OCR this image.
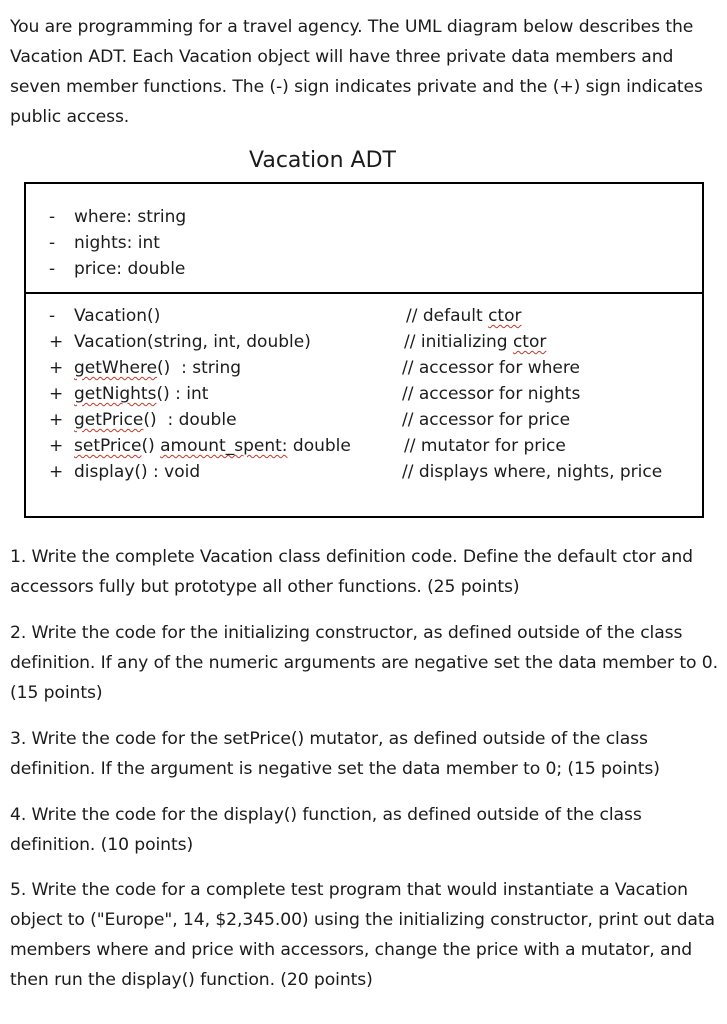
You are programming for a travel agency. The UML diagram below describes the Vacation ADT. Each Vacation object will have three private data members and seven member functions. The (-) sign indicates private and the (+) sign indicates public access.
Vacation ADT
-	where: string
-	nights: int
-	price: double
-	Vacation()	// default ctor
+ Vacation(string, int, double)	// initializing ctor
+ getWhere()  : string	// accessor for where
+ getNights() : int	// accessor for nights
+ getPrice()  : double	// accessor for price
+ setPrice() amount_spent: double	// mutator for price
+ display() : void	// displays where, nights, price
1. Write the complete Vacation class definition code. Define the default ctor and accessors fully but prototype all other functions. (25 points)
2. Write the code for the initializing constructor, as defined outside of the class definition. If any of the numeric arguments are negative set the data member to 0. (15 points)
3. Write the code for the setPrice() mutator, as defined outside of the class definition. If the argument is negative set the data member to 0; (15 points)
4. Write the code for the display() function, as defined outside of the class definition. (10 points)
5. Write the code for a complete test program that would instantiate a Vacation object to ("Europe", 14, $2,345.00) using the initializing constructor, print out data members where and price with accessors, change the price with a mutator, and then run the display() function. (20 points)
